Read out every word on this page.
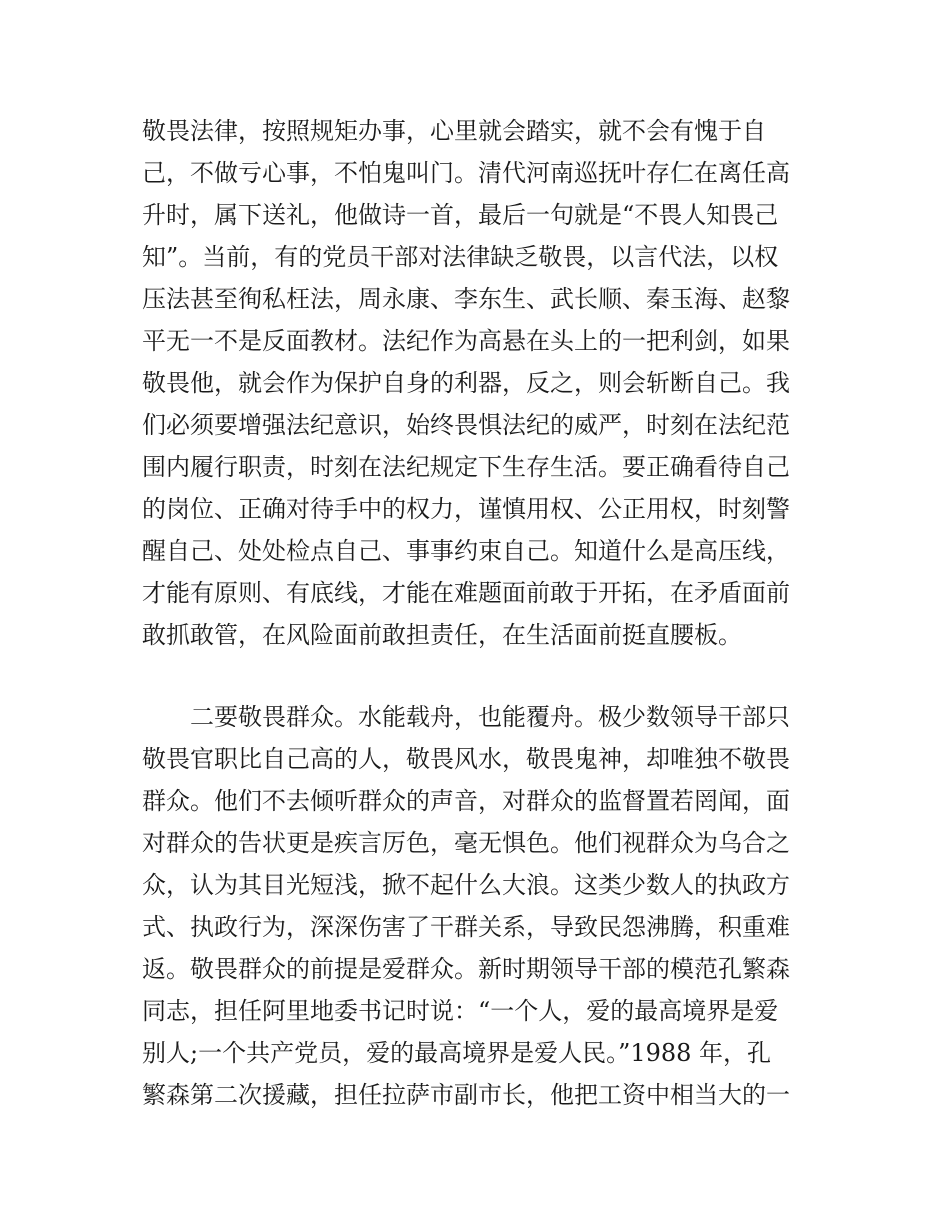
敬畏法律，按照规矩办事，心里就会踏实，就不会有愧于自
己，不做亏心事，不怕鬼叫门。清代河南巡抚叶存仁在离任高
升时，属下送礼，他做诗一首，最后一句就是“不畏人知畏己
知”。当前，有的党员干部对法律缺乏敬畏，以言代法，以权
压法甚至徇私枉法，周永康、李东生、武长顺、秦玉海、赵黎
平无一不是反面教材。法纪作为高悬在头上的一把利剑，如果
敬畏他，就会作为保护自身的利器，反之，则会斩断自己。我
们必须要增强法纪意识，始终畏惧法纪的威严，时刻在法纪范
围内履行职责，时刻在法纪规定下生存生活。要正确看待自己
的岗位、正确对待手中的权力，谨慎用权、公正用权，时刻警
醒自己、处处检点自己、事事约束自己。知道什么是高压线，
才能有原则、有底线，才能在难题面前敢于开拓，在矛盾面前
敢抓敢管，在风险面前敢担责任，在生活面前挺直腰板。
二要敬畏群众。水能载舟，也能覆舟。极少数领导干部只
敬畏官职比自己高的人，敬畏风水，敬畏鬼神，却唯独不敬畏
群众。他们不去倾听群众的声音，对群众的监督置若罔闻，面
对群众的告状更是疾言厉色，毫无惧色。他们视群众为乌合之
众，认为其目光短浅，掀不起什么大浪。这类少数人的执政方
式、执政行为，深深伤害了干群关系，导致民怨沸腾，积重难
返。敬畏群众的前提是爱群众。新时期领导干部的模范孔繁森
同志，担任阿里地委书记时说：“一个人，爱的最高境界是爱
别人;一个共产党员，爱的最高境界是爱人民。”1988 年，孔
繁森第二次援藏，担任拉萨市副市长，他把工资中相当大的一
